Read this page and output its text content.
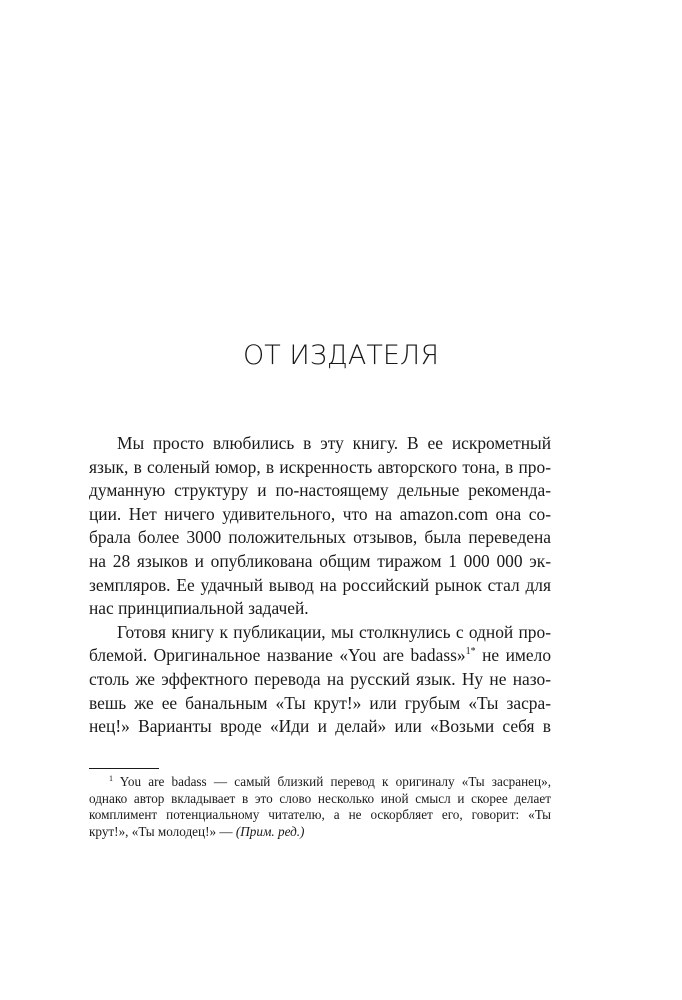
ОТ ИЗДАТЕЛЯ
Мы просто влюбились в эту книгу. В ее искрометный
язык, в соленый юмор, в искренность авторского тона, в про-
думанную структуру и по-настоящему дельные рекоменда-
ции. Нет ничего удивительного, что на amazon.com она со-
брала более 3000 положительных отзывов, была переведена
на 28 языков и опубликована общим тиражом 1 000 000 эк-
земпляров. Ее удачный вывод на российский рынок стал для
нас принципиальной задачей.
Готовя книгу к публикации, мы столкнулись с одной про-
блемой. Оригинальное название «You are badass»$^{1*}$ не имело
столь же эффектного перевода на русский язык. Ну не назо-
вешь же ее банальным «Ты крут!» или грубым «Ты засра-
нец!» Варианты вроде «Иди и делай» или «Возьми себя в
$^1$ You are badass — самый близкий перевод к оригиналу «Ты засранец»,
однако автор вкладывает в это слово несколько иной смысл и скорее делает
комплимент потенциальному читателю, а не оскорбляет его, говорит: «Ты
крут!», «Ты молодец!» — (Прим. ред.)
